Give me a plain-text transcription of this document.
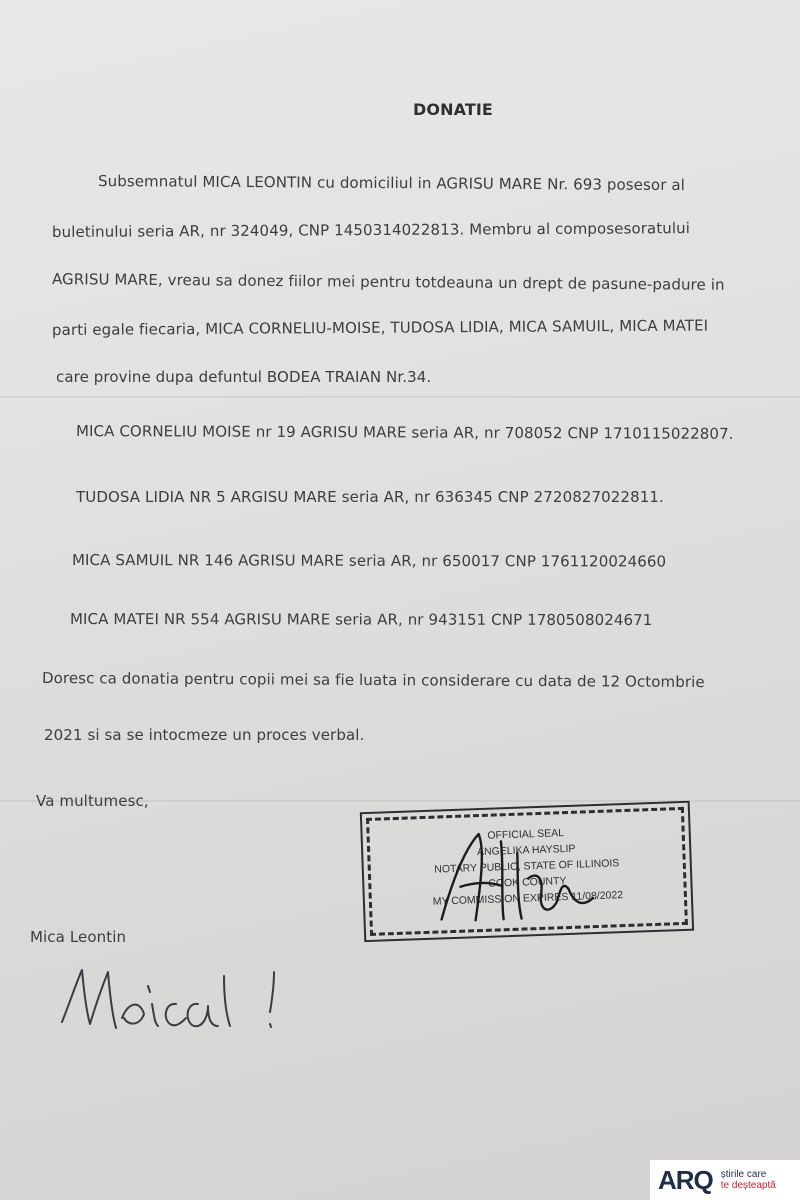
DONATIE

Subsemnatul MICA LEONTIN cu domiciliul in AGRISU MARE Nr. 693 posesor al

buletinului seria AR, nr 324049, CNP 1450314022813. Membru al composesoratului

AGRISU MARE, vreau sa donez fiilor mei pentru totdeauna un drept de pasune-padure in

parti egale fiecaria, MICA CORNELIU-MOISE, TUDOSA LIDIA, MICA SAMUIL, MICA MATEI

care provine dupa defuntul BODEA TRAIAN Nr.34.

MICA CORNELIU MOISE nr 19 AGRISU MARE seria AR, nr 708052 CNP 1710115022807.

TUDOSA LIDIA NR 5 ARGISU MARE seria AR, nr 636345 CNP 2720827022811.

MICA SAMUIL NR 146 AGRISU MARE seria AR, nr 650017 CNP 1761120024660

MICA MATEI NR 554 AGRISU MARE seria AR, nr 943151 CNP 1780508024671

Doresc ca donatia pentru copii mei sa fie luata in considerare cu data de 12 Octombrie

2021 si sa se intocmeze un proces verbal.

Va multumesc,

Mica Leontin

OFFICIAL SEAL
ANGELIKA HAYSLIP
NOTARY PUBLIC, STATE OF ILLINOIS
COOK COUNTY
MY COMMISSION EXPIRES 11/08/2022
ARQ știrile care
te deșteaptă
